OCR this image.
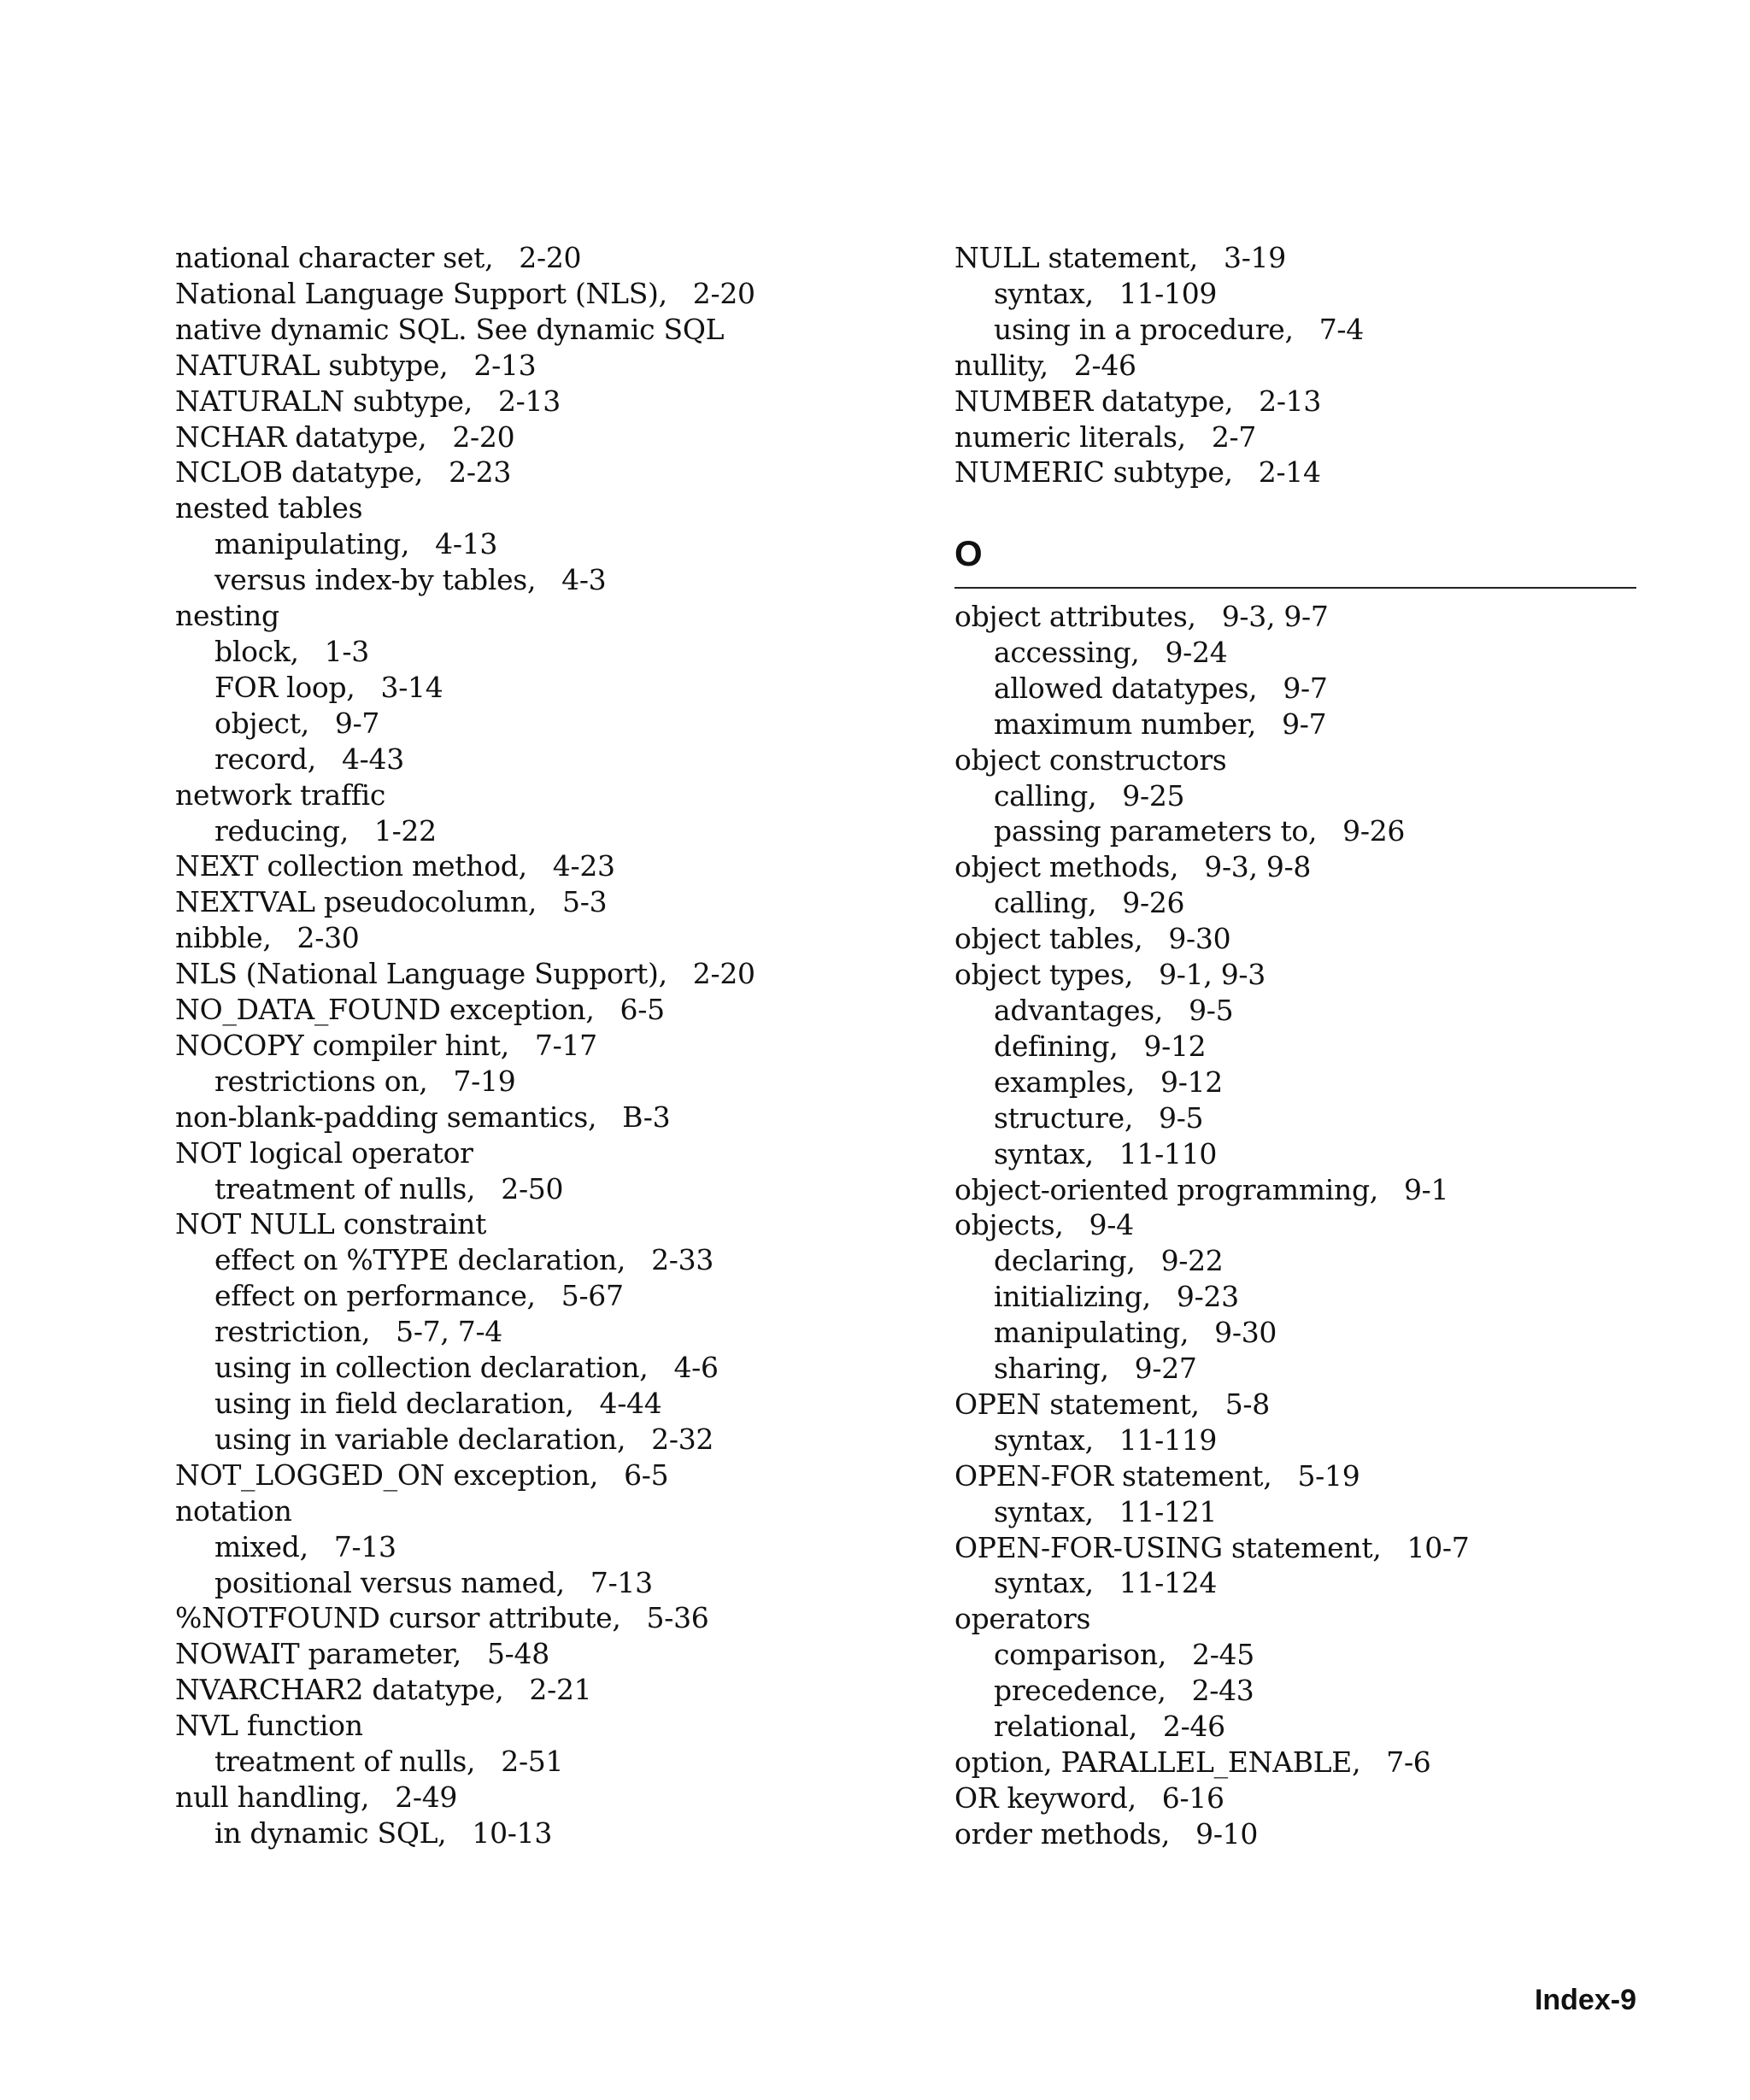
national character set, 2-20
National Language Support (NLS), 2-20
native dynamic SQL. See dynamic SQL
NATURAL subtype, 2-13
NATURALN subtype, 2-13
NCHAR datatype, 2-20
NCLOB datatype, 2-23
nested tables
manipulating, 4-13
versus index-by tables, 4-3
nesting
block, 1-3
FOR loop, 3-14
object, 9-7
record, 4-43
network traffic
reducing, 1-22
NEXT collection method, 4-23
NEXTVAL pseudocolumn, 5-3
nibble, 2-30
NLS (National Language Support), 2-20
NO_DATA_FOUND exception, 6-5
NOCOPY compiler hint, 7-17
restrictions on, 7-19
non-blank-padding semantics, B-3
NOT logical operator
treatment of nulls, 2-50
NOT NULL constraint
effect on %TYPE declaration, 2-33
effect on performance, 5-67
restriction, 5-7, 7-4
using in collection declaration, 4-6
using in field declaration, 4-44
using in variable declaration, 2-32
NOT_LOGGED_ON exception, 6-5
notation
mixed, 7-13
positional versus named, 7-13
%NOTFOUND cursor attribute, 5-36
NOWAIT parameter, 5-48
NVARCHAR2 datatype, 2-21
NVL function
treatment of nulls, 2-51
null handling, 2-49
in dynamic SQL, 10-13
NULL statement, 3-19
syntax, 11-109
using in a procedure, 7-4
nullity, 2-46
NUMBER datatype, 2-13
numeric literals, 2-7
NUMERIC subtype, 2-14
O
object attributes, 9-3, 9-7
accessing, 9-24
allowed datatypes, 9-7
maximum number, 9-7
object constructors
calling, 9-25
passing parameters to, 9-26
object methods, 9-3, 9-8
calling, 9-26
object tables, 9-30
object types, 9-1, 9-3
advantages, 9-5
defining, 9-12
examples, 9-12
structure, 9-5
syntax, 11-110
object-oriented programming, 9-1
objects, 9-4
declaring, 9-22
initializing, 9-23
manipulating, 9-30
sharing, 9-27
OPEN statement, 5-8
syntax, 11-119
OPEN-FOR statement, 5-19
syntax, 11-121
OPEN-FOR-USING statement, 10-7
syntax, 11-124
operators
comparison, 2-45
precedence, 2-43
relational, 2-46
option, PARALLEL_ENABLE, 7-6
OR keyword, 6-16
order methods, 9-10
Index-9
